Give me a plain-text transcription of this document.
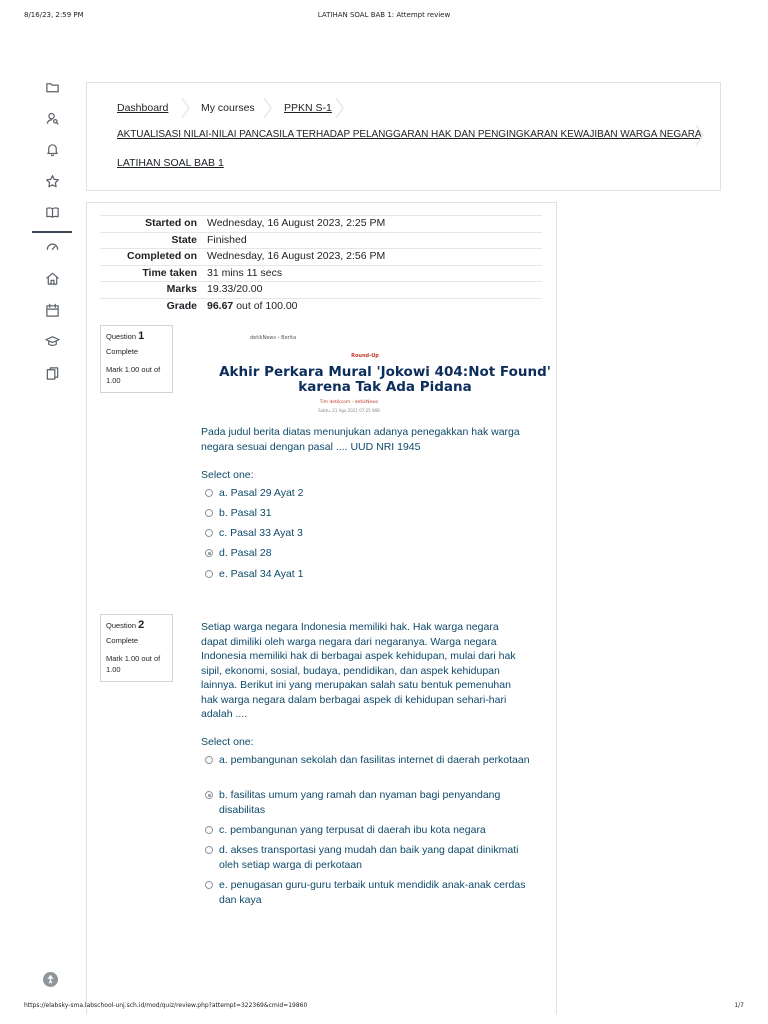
8/16/23, 2:59 PM	LATIHAN SOAL BAB 1: Attempt review
Dashboard	My courses	PPKN S-1
AKTUALISASI NILAI-NILAI PANCASILA TERHADAP PELANGGARAN HAK DAN PENGINGKARAN KEWAJIBAN WARGA NEGARA
LATIHAN SOAL BAB 1
Started on Wednesday, 16 August 2023, 2:25 PM
State Finished
Completed on Wednesday, 16 August 2023, 2:56 PM
Time taken 31 mins 11 secs
Marks 19.33/20.00
Grade 96.67 out of 100.00
Question 1
Complete
Mark 1.00 out of 1.00
detikNews › Berita
Round-Up
Akhir Perkara Mural 'Jokowi 404:Not Found' karena Tak Ada Pidana
Tim detikcom - detikNews
Sabtu, 21 Agu 2021 07:25 WIB
Pada judul berita diatas menunjukan adanya penegakkan hak warga negara sesuai dengan pasal .... UUD NRI 1945
Select one:
a. Pasal 29 Ayat 2
b. Pasal 31
c. Pasal 33 Ayat 3
d. Pasal 28
e. Pasal 34 Ayat 1
Question 2
Complete
Mark 1.00 out of 1.00
Setiap warga negara Indonesia memiliki hak. Hak warga negara dapat dimiliki oleh warga negara dari negaranya. Warga negara Indonesia memiliki hak di berbagai aspek kehidupan, mulai dari hak sipil, ekonomi, sosial, budaya, pendidikan, dan aspek kehidupan lainnya. Berikut ini yang merupakan salah satu bentuk pemenuhan hak warga negara dalam berbagai aspek di kehidupan sehari-hari adalah ....
Select one:
a. pembangunan sekolah dan fasilitas internet di daerah perkotaan
b. fasilitas umum yang ramah dan nyaman bagi penyandang disabilitas
c. pembangunan yang terpusat di daerah ibu kota negara
d. akses transportasi yang mudah dan baik yang dapat dinikmati oleh setiap warga di perkotaan
e. penugasan guru-guru terbaik untuk mendidik anak-anak cerdas dan kaya
https://elabsky-sma.labschool-unj.sch.id/mod/quiz/review.php?attempt=322369&cmid=19860	1/7
